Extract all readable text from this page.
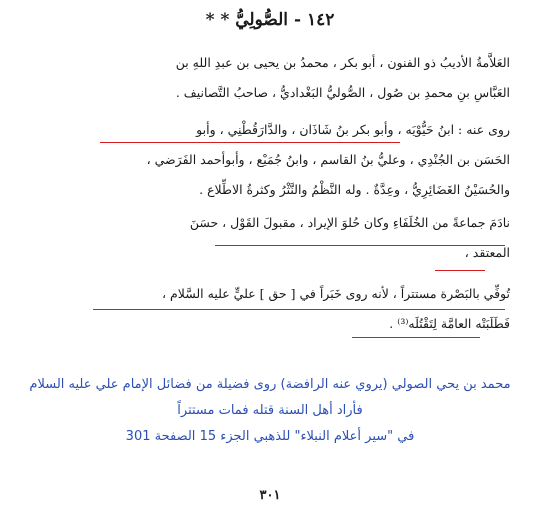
١٤٢ - الصُّولِيُّ * *
العَلاَّمةُ الأديبُ ذو الفنون ، أبو بكر ، محمدُ بن يحيى بن عبدِ اللهِ بن
العَبَّاسِ بنِ محمدِ بن صُول ، الصُّوليُّ البَغْداديُّ ، صاحبُ التَّصانيف .
روى عنه : ابنُ حَيُّوْيَه ، وأبو بكر بنُ شَاذَان ، والدَّارَقُطْنِي ، وأبو
الحَسَن بن الجُنْدِي ، وعليُّ بنُ القاسم ، وابنُ جُمَيْع ، وأبوأحمد الفَرَضي ،
والحُسَيْنُ الغَضَائِرِيُّ ، وعِدَّةٌ . وله النَّظْمُ والنَّثْرُ وكثرةُ الاطِّلاع .
نادَمَ جماعةً من الخُلَفَاءِ وكان حُلوَ الإيراد ، مقبولَ القَوْل ، حسَنَ
المعتقد ،
تُوفِّي بالبَصْرة مستتراً ، لأنه روى خَبَراً في [ حق ] عليٍّ عليه السَّلام ،
فَطَلَبَتْه العامَّة لِتَقْتُلَه⁽³⁾ .
محمد بن يحي الصولي (يروي عنه الرافضة) روى فضيلة من فضائل الإمام علي عليه السلام
فأراد أهل السنة قتله فمات مستتراً
في "سير أعلام النبلاء" للذهبي الجزء 15 الصفحة 301
٣٠١
